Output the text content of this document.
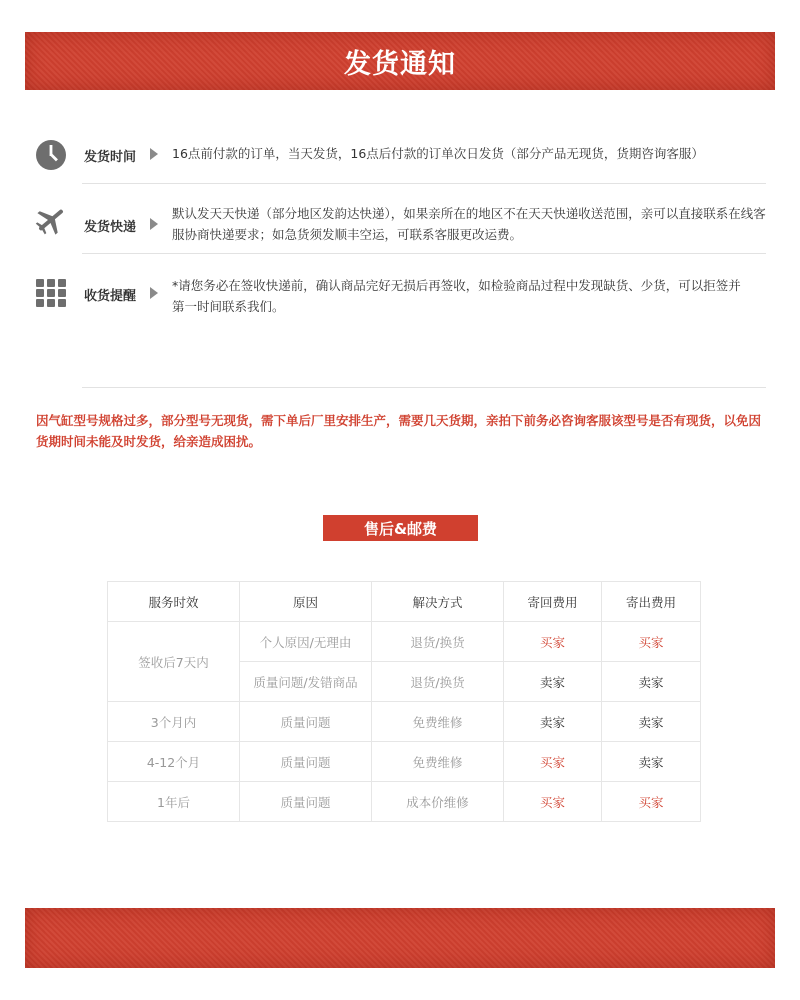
发货通知
发货时间	16点前付款的订单，当天发货，16点后付款的订单次日发货（部分产品无现货，货期咨询客服）
发货快递
默认发天天快递（部分地区发韵达快递），如果亲所在的地区不在天天快递收送范围，亲可以直接联系在线客服协商快递要求；如急货须发顺丰空运，可联系客服更改运费。
收货提醒
*请您务必在签收快递前，确认商品完好无损后再签收，如检验商品过程中发现缺货、少货，可以拒签并第一时间联系我们。
因气缸型号规格过多，部分型号无现货，需下单后厂里安排生产，需要几天货期，亲拍下前务必咨询客服该型号是否有现货，以免因货期时间未能及时发货，给亲造成困扰。
售后&邮费
服务时效	原因	解决方式	寄回费用	寄出费用
签收后7天内	个人原因/无理由	退货/换货	买家	买家
	质量问题/发错商品	退货/换货	卖家	卖家
3个月内	质量问题	免费维修	卖家	卖家
4-12个月	质量问题	免费维修	买家	卖家
1年后	质量问题	成本价维修	买家	买家
